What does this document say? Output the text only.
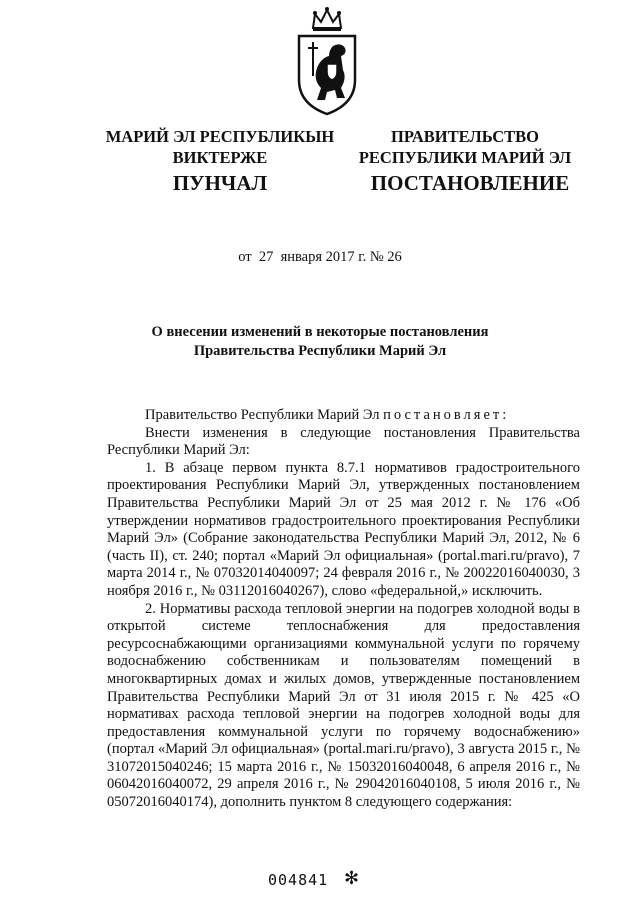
МАРИЙ ЭЛ РЕСПУБЛИКЫН
ВИКТЕРЖЕ
ПРАВИТЕЛЬСТВО
РЕСПУБЛИКИ МАРИЙ ЭЛ
ПУНЧАЛ	ПОСТАНОВЛЕНИЕ
от  27  января 2017 г. № 26
О внесении изменений в некоторые постановления
Правительства Республики Марий Эл

Правительство Республики Марий Эл постановляет:

Внести изменения в следующие постановления Правительства Республики Марий Эл:

1. В абзаце первом пункта 8.7.1 нормативов градостроительного проектирования Республики Марий Эл, утвержденных постановлением Правительства Республики Марий Эл от 25 мая 2012 г. № 176 «Об утверждении нормативов градостроительного проектирования Республики Марий Эл» (Собрание законодательства Республики Марий Эл, 2012, № 6 (часть II), ст. 240; портал «Марий Эл официальная» (portal.mari.ru/pravo), 7 марта 2014 г., № 07032014040097; 24 февраля 2016 г., № 20022016040030, 3 ноября 2016 г., № 03112016040267), слово «федеральной,» исключить.

2. Нормативы расхода тепловой энергии на подогрев холодной воды в открытой системе теплоснабжения для предоставления ресурсоснабжающими организациями коммунальной услуги по горячему водоснабжению собственникам и пользователям помещений в многоквартирных домах и жилых домов, утвержденные постановлением Правительства Республики Марий Эл от 31 июля 2015 г. № 425 «О нормативах расхода тепловой энергии на подогрев холодной воды для предоставления коммунальной услуги по горячему водоснабжению» (портал «Марий Эл официальная» (portal.mari.ru/pravo), 3 августа 2015 г., № 31072015040246; 15 марта 2016 г., № 15032016040048, 6 апреля 2016 г., № 06042016040072, 29 апреля 2016 г., № 29042016040108, 5 июля 2016 г., № 05072016040174), дополнить пунктом 8 следующего содержания:

004841 ✻
